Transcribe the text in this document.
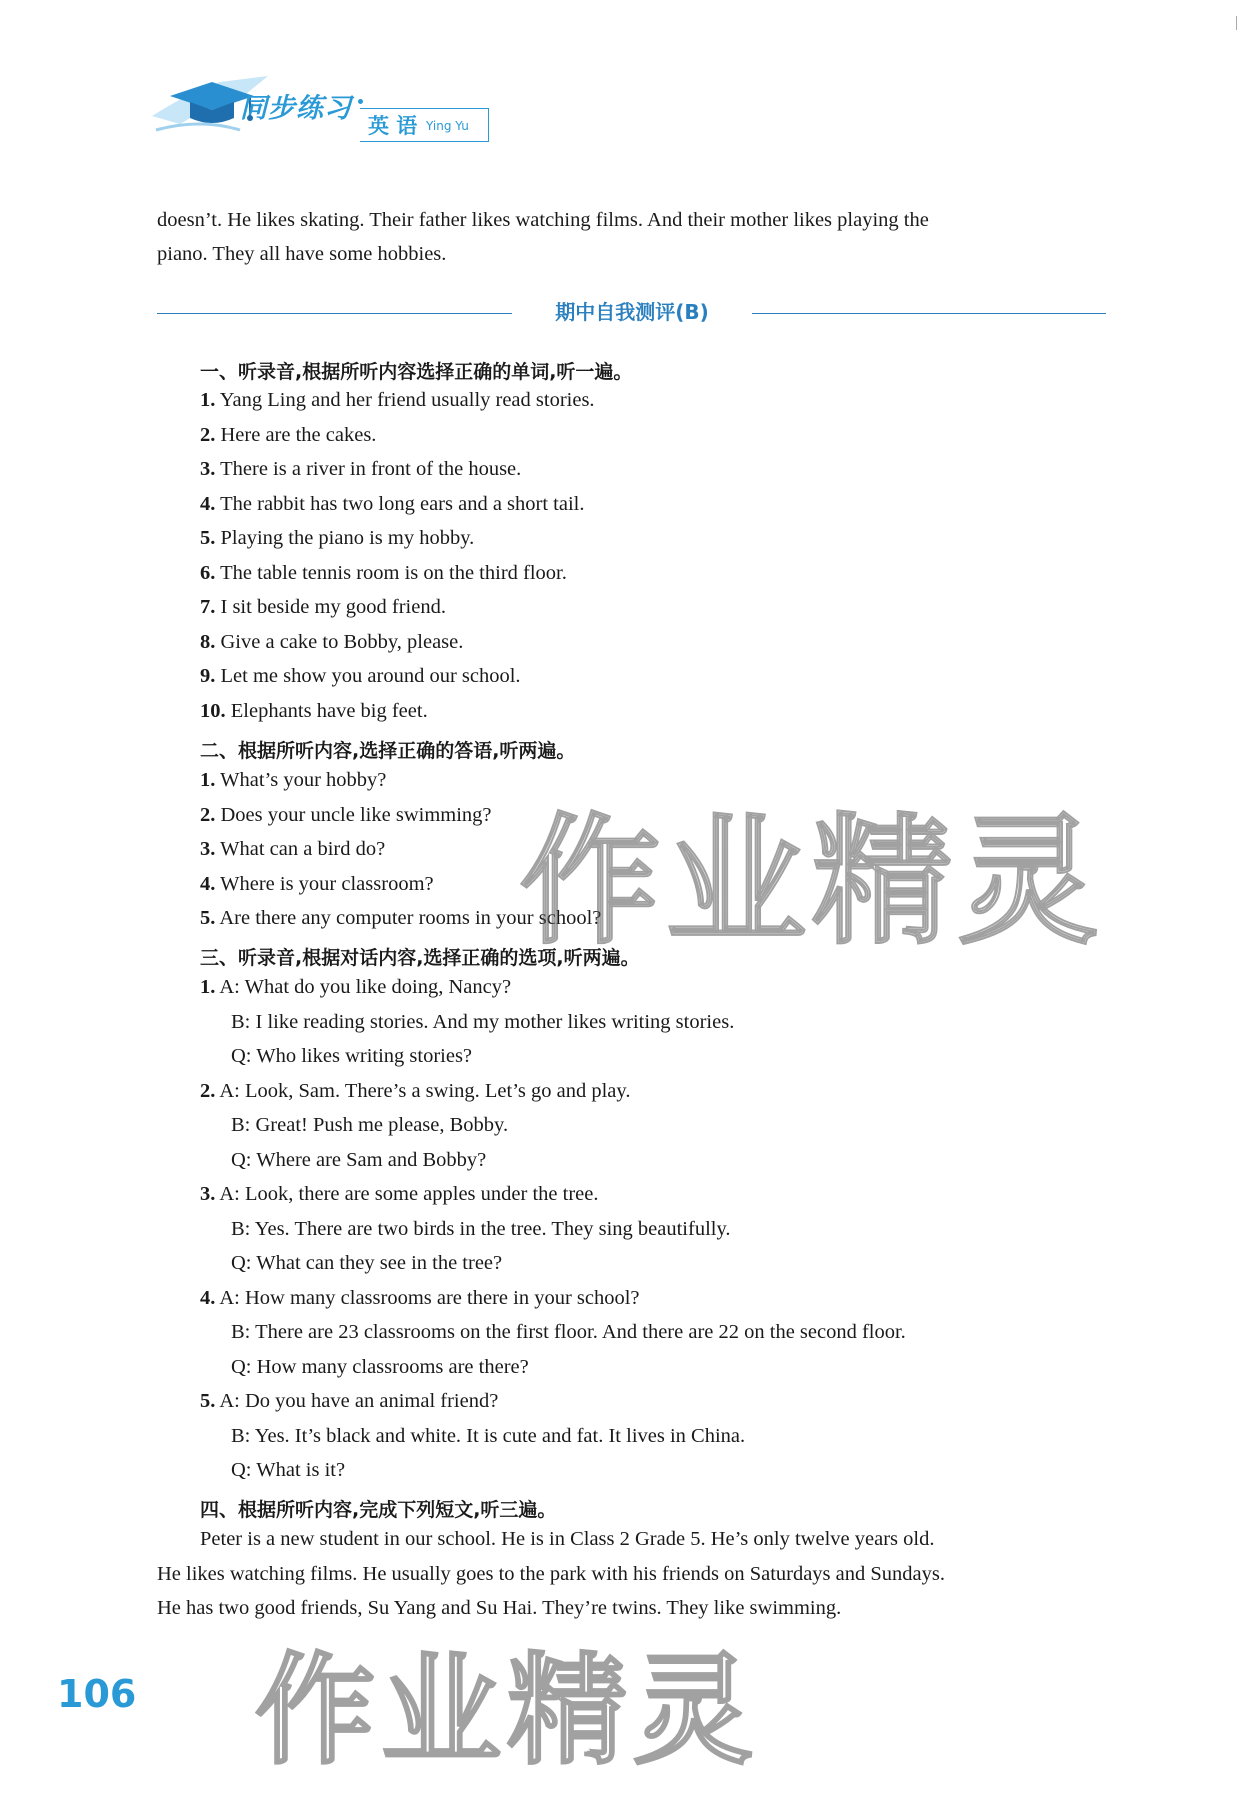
同步练习
英 语 Ying Yu
doesn’t. He likes skating. Their father likes watching films. And their mother likes playing the
piano. They all have some hobbies.
期中自我测评(B)
一、听录音,根据所听内容选择正确的单词,听一遍。
1. Yang Ling and her friend usually read stories.
2. Here are the cakes.
3. There is a river in front of the house.
4. The rabbit has two long ears and a short tail.
5. Playing the piano is my hobby.
6. The table tennis room is on the third floor.
7. I sit beside my good friend.
8. Give a cake to Bobby, please.
9. Let me show you around our school.
10. Elephants have big feet.
二、根据所听内容,选择正确的答语,听两遍。
1. What’s your hobby?
2. Does your uncle like swimming?
3. What can a bird do?
4. Where is your classroom?
5. Are there any computer rooms in your school?
三、听录音,根据对话内容,选择正确的选项,听两遍。
1. A: What do you like doing, Nancy?
B: I like reading stories. And my mother likes writing stories.
Q: Who likes writing stories?
2. A: Look, Sam. There’s a swing. Let’s go and play.
B: Great! Push me please, Bobby.
Q: Where are Sam and Bobby?
3. A: Look, there are some apples under the tree.
B: Yes. There are two birds in the tree. They sing beautifully.
Q: What can they see in the tree?
4. A: How many classrooms are there in your school?
B: There are 23 classrooms on the first floor. And there are 22 on the second floor.
Q: How many classrooms are there?
5. A: Do you have an animal friend?
B: Yes. It’s black and white. It is cute and fat. It lives in China.
Q: What is it?
四、根据所听内容,完成下列短文,听三遍。
Peter is a new student in our school. He is in Class 2 Grade 5. He’s only twelve years old.
He likes watching films. He usually goes to the park with his friends on Saturdays and Sundays.
He has two good friends, Su Yang and Su Hai. They’re twins. They like swimming.
作业精灵
作业精灵
106
